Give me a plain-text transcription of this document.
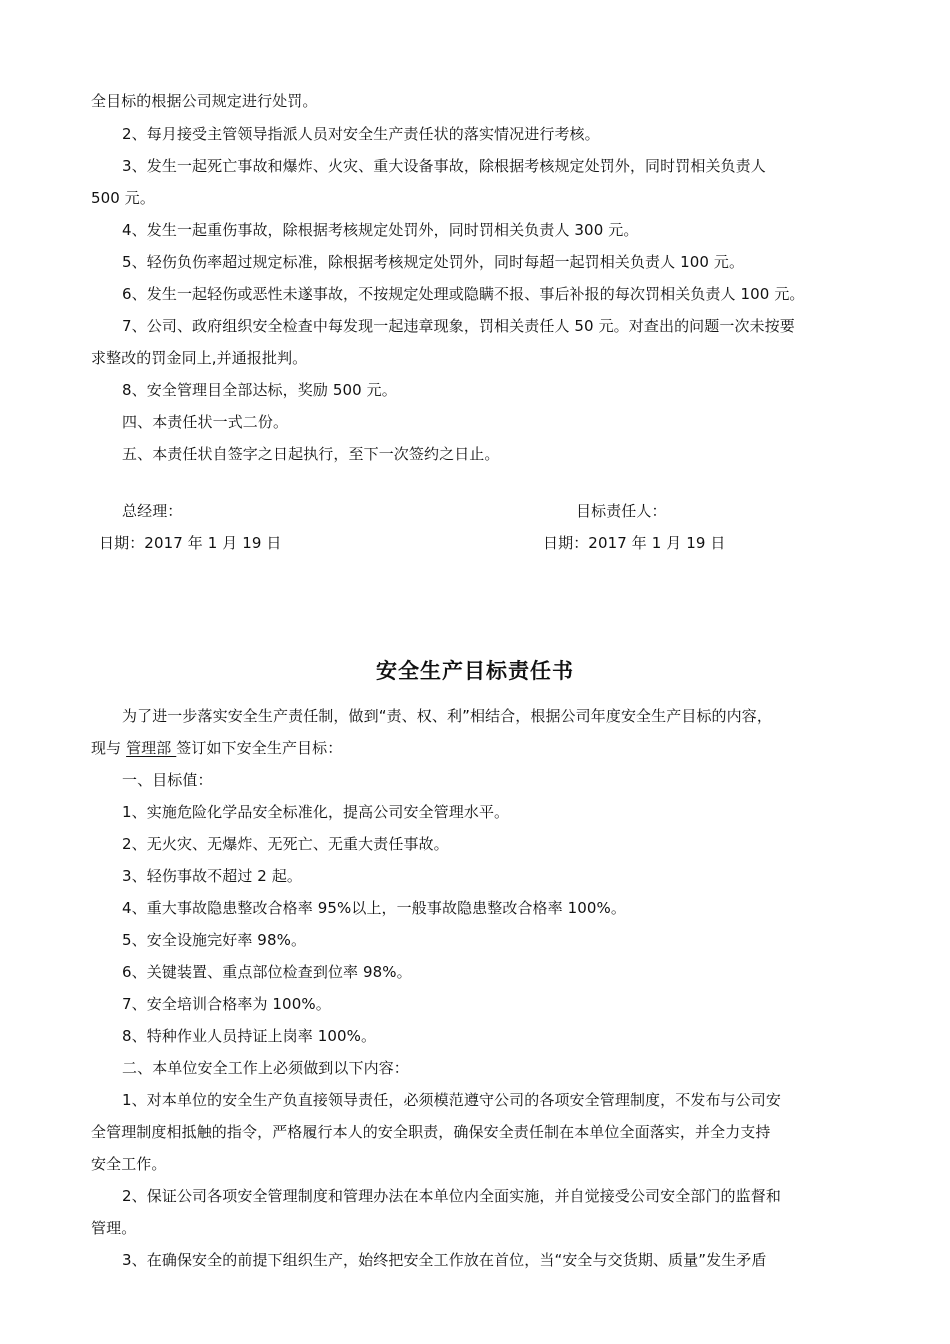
全目标的根据公司规定进行处罚。
2、每月接受主管领导指派人员对安全生产责任状的落实情况进行考核。
3、发生一起死亡事故和爆炸、火灾、重大设备事故，除根据考核规定处罚外，同时罚相关负责人
500 元。
4、发生一起重伤事故，除根据考核规定处罚外，同时罚相关负责人 300 元。
5、轻伤负伤率超过规定标准，除根据考核规定处罚外，同时每超一起罚相关负责人 100 元。
6、发生一起轻伤或恶性未遂事故，不按规定处理或隐瞒不报、事后补报的每次罚相关负责人 100 元。
7、公司、政府组织安全检查中每发现一起违章现象，罚相关责任人 50 元。对查出的问题一次未按要
求整改的罚金同上,并通报批判。
8、安全管理目全部达标，奖励 500 元。
四、本责任状一式二份。
五、本责任状自签字之日起执行，至下一次签约之日止。
总经理：	目标责任人：
日期：2017 年 1 月 19 日	日期：2017 年 1 月 19 日
安全生产目标责任书
为了进一步落实安全生产责任制，做到“责、权、利”相结合，根据公司年度安全生产目标的内容，
现与 管理部 签订如下安全生产目标：
一、目标值：
1、实施危险化学品安全标准化，提高公司安全管理水平。
2、无火灾、无爆炸、无死亡、无重大责任事故。
3、轻伤事故不超过 2 起。
4、重大事故隐患整改合格率 95%以上，一般事故隐患整改合格率 100%。
5、安全设施完好率 98%。
6、关键装置、重点部位检查到位率 98%。
7、安全培训合格率为 100%。
8、特种作业人员持证上岗率 100%。
二、本单位安全工作上必须做到以下内容：
1、对本单位的安全生产负直接领导责任，必须模范遵守公司的各项安全管理制度，不发布与公司安
全管理制度相抵触的指令，严格履行本人的安全职责，确保安全责任制在本单位全面落实，并全力支持
安全工作。
2、保证公司各项安全管理制度和管理办法在本单位内全面实施，并自觉接受公司安全部门的监督和
管理。
3、在确保安全的前提下组织生产，始终把安全工作放在首位，当“安全与交货期、质量”发生矛盾
